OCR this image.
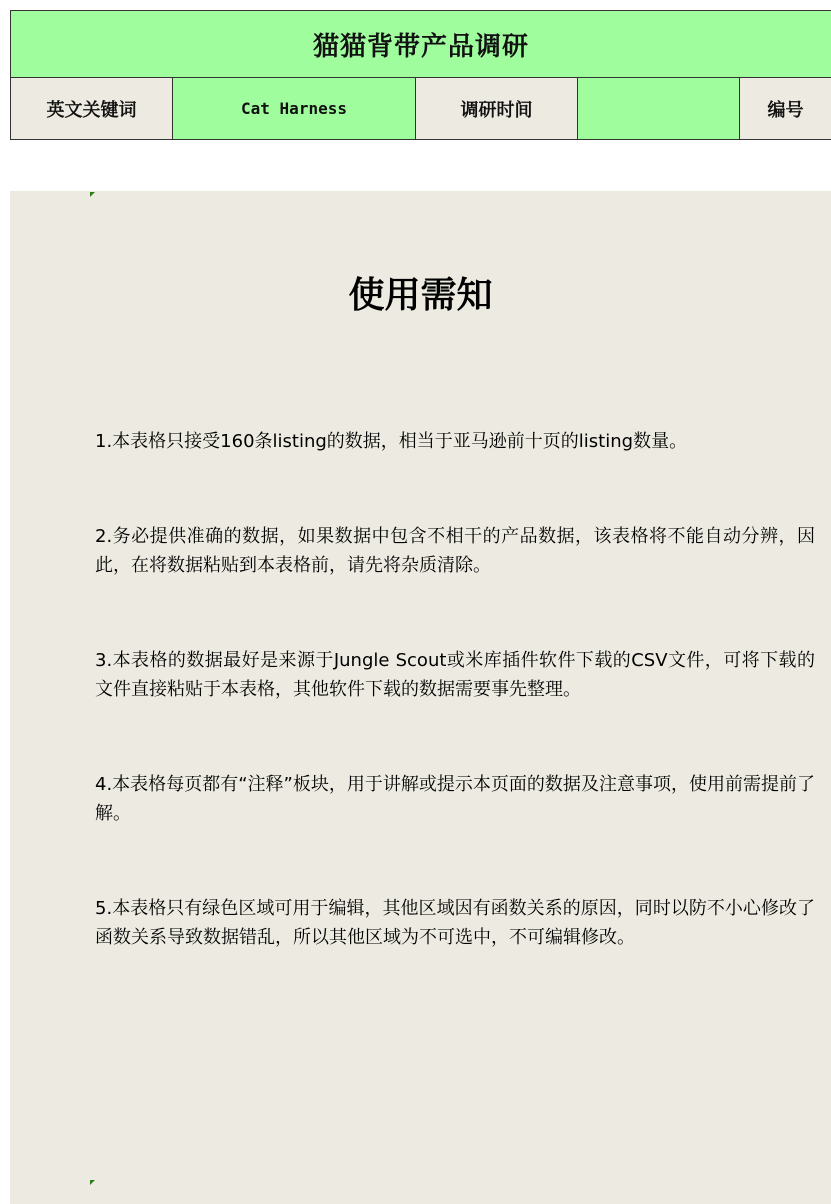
猫猫背带产品调研
英文关键词	Cat Harness	调研时间		编号
使用需知
1.本表格只接受160条listing的数据，相当于亚马逊前十页的listing数量。
2.务必提供准确的数据，如果数据中包含不相干的产品数据，该表格将不能自动分辨，因此，在将数据粘贴到本表格前，请先将杂质清除。
3.本表格的数据最好是来源于Jungle Scout或米库插件软件下载的CSV文件，可将下载的文件直接粘贴于本表格，其他软件下载的数据需要事先整理。
4.本表格每页都有“注释”板块，用于讲解或提示本页面的数据及注意事项，使用前需提前了解。
5.本表格只有绿色区域可用于编辑，其他区域因有函数关系的原因，同时以防不小心修改了函数关系导致数据错乱，所以其他区域为不可选中，不可编辑修改。
